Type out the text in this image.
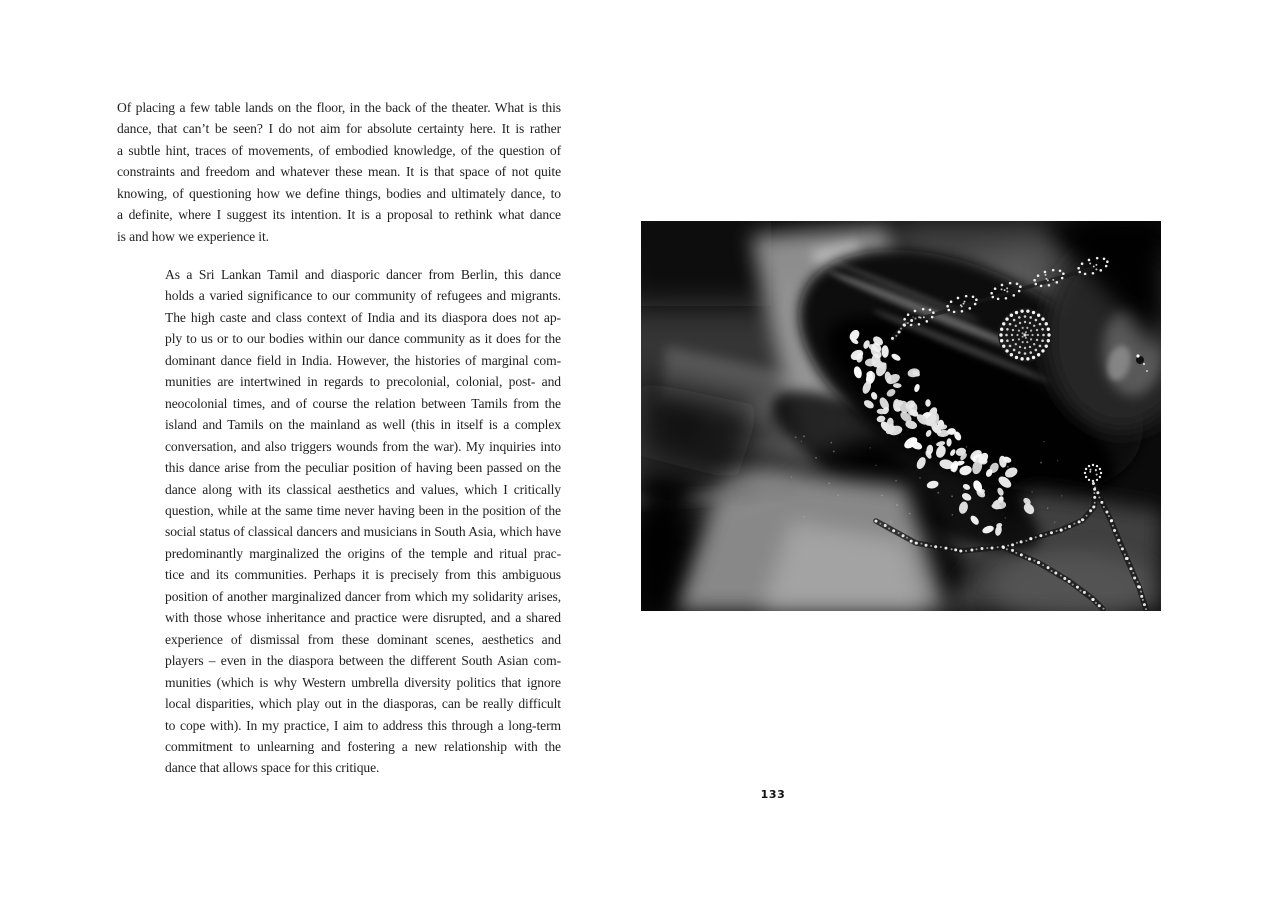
Of placing a few table lands on the floor, in the back of the theater. What is this
dance, that can’t be seen? I do not aim for absolute certainty here. It is rather
a subtle hint, traces of movements, of embodied knowledge, of the question of
constraints and freedom and whatever these mean. It is that space of not quite
knowing, of questioning how we define things, bodies and ultimately dance, to
a definite, where I suggest its intention. It is a proposal to rethink what dance
is and how we experience it.
As a Sri Lankan Tamil and diasporic dancer from Berlin, this dance
holds a varied significance to our community of refugees and migrants.
The high caste and class context of India and its diaspora does not ap-
ply to us or to our bodies within our dance community as it does for the
dominant dance field in India. However, the histories of marginal com-
munities are intertwined in regards to precolonial, colonial, post- and
neocolonial times, and of course the relation between Tamils from the
island and Tamils on the mainland as well (this in itself is a complex
conversation, and also triggers wounds from the war). My inquiries into
this dance arise from the peculiar position of having been passed on the
dance along with its classical aesthetics and values, which I critically
question, while at the same time never having been in the position of the
social status of classical dancers and musicians in South Asia, which have
predominantly marginalized the origins of the temple and ritual prac-
tice and its communities. Perhaps it is precisely from this ambiguous
position of another marginalized dancer from which my solidarity arises,
with those whose inheritance and practice were disrupted, and a shared
experience of dismissal from these dominant scenes, aesthetics and
players – even in the diaspora between the different South Asian com-
munities (which is why Western umbrella diversity politics that ignore
local disparities, which play out in the diasporas, can be really difficult
to cope with). In my practice, I aim to address this through a long-term
commitment to unlearning and fostering a new relationship with the
dance that allows space for this critique.
133
